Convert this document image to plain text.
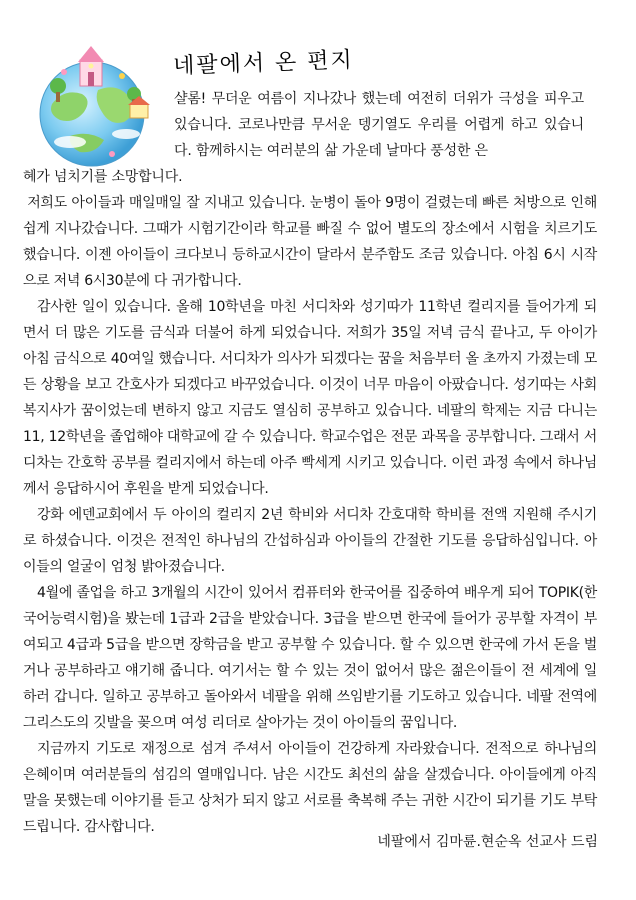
네팔에서 온 편지

샬롬! 무더운 여름이 지나갔나 했는데 여전히 더위가 극성을 피우고 있습니다. 코로나만큼 무서운 뎅기열도 우리를 어렵게 하고 있습니다. 함께하시는 여러분의 삶 가운데 날마다 풍성한 은

혜가 넘치기를 소망합니다.

저희도 아이들과 매일매일 잘 지내고 있습니다. 눈병이 돌아 9명이 걸렸는데 빠른 처방으로 인해 쉽게 지나갔습니다. 그때가 시험기간이라 학교를 빠질 수 없어 별도의 장소에서 시험을 치르기도 했습니다. 이젠 아이들이 크다보니 등하교시간이 달라서 분주함도 조금 있습니다. 아침 6시 시작으로 저녁 6시30분에 다 귀가합니다.

감사한 일이 있습니다. 올해 10학년을 마친 서디차와 성기따가 11학년 컬리지를 들어가게 되면서 더 많은 기도를 금식과 더불어 하게 되었습니다. 저희가 35일 저녁 금식 끝나고, 두 아이가 아침 금식으로 40여일 했습니다. 서디차가 의사가 되겠다는 꿈을 처음부터 올 초까지 가졌는데 모든 상황을 보고 간호사가 되겠다고 바꾸었습니다. 이것이 너무 마음이 아팠습니다. 성기따는 사회복지사가 꿈이었는데 변하지 않고 지금도 열심히 공부하고 있습니다. 네팔의 학제는 지금 다니는 11, 12학년을 졸업해야 대학교에 갈 수 있습니다. 학교수업은 전문 과목을 공부합니다. 그래서 서디차는 간호학 공부를 컬리지에서 하는데 아주 빡세게 시키고 있습니다. 이런 과정 속에서 하나님께서 응답하시어 후원을 받게 되었습니다.

강화 에덴교회에서 두 아이의 컬리지 2년 학비와 서디차 간호대학 학비를 전액 지원해 주시기로 하셨습니다. 이것은 전적인 하나님의 간섭하심과 아이들의 간절한 기도를 응답하심입니다. 아이들의 얼굴이 엄청 밝아졌습니다.

4월에 졸업을 하고 3개월의 시간이 있어서 컴퓨터와 한국어를 집중하여 배우게 되어 TOPIK(한국어능력시험)을 봤는데 1급과 2급을 받았습니다. 3급을 받으면 한국에 들어가 공부할 자격이 부여되고 4급과 5급을 받으면 장학금을 받고 공부할 수 있습니다. 할 수 있으면 한국에 가서 돈을 벌거나 공부하라고 얘기해 줍니다. 여기서는 할 수 있는 것이 없어서 많은 젊은이들이 전 세계에 일하러 갑니다. 일하고 공부하고 돌아와서 네팔을 위해 쓰임받기를 기도하고 있습니다. 네팔 전역에 그리스도의 깃발을 꽂으며 여성 리더로 살아가는 것이 아이들의 꿈입니다.

지금까지 기도로 재정으로 섬겨 주셔서 아이들이 건강하게 자라왔습니다. 전적으로 하나님의 은혜이며 여러분들의 섬김의 열매입니다. 남은 시간도 최선의 삶을 살겠습니다. 아이들에게 아직 말을 못했는데 이야기를 듣고 상처가 되지 않고 서로를 축복해 주는 귀한 시간이 되기를 기도 부탁드립니다. 감사합니다.

네팔에서 김마륜.현순옥 선교사 드림
